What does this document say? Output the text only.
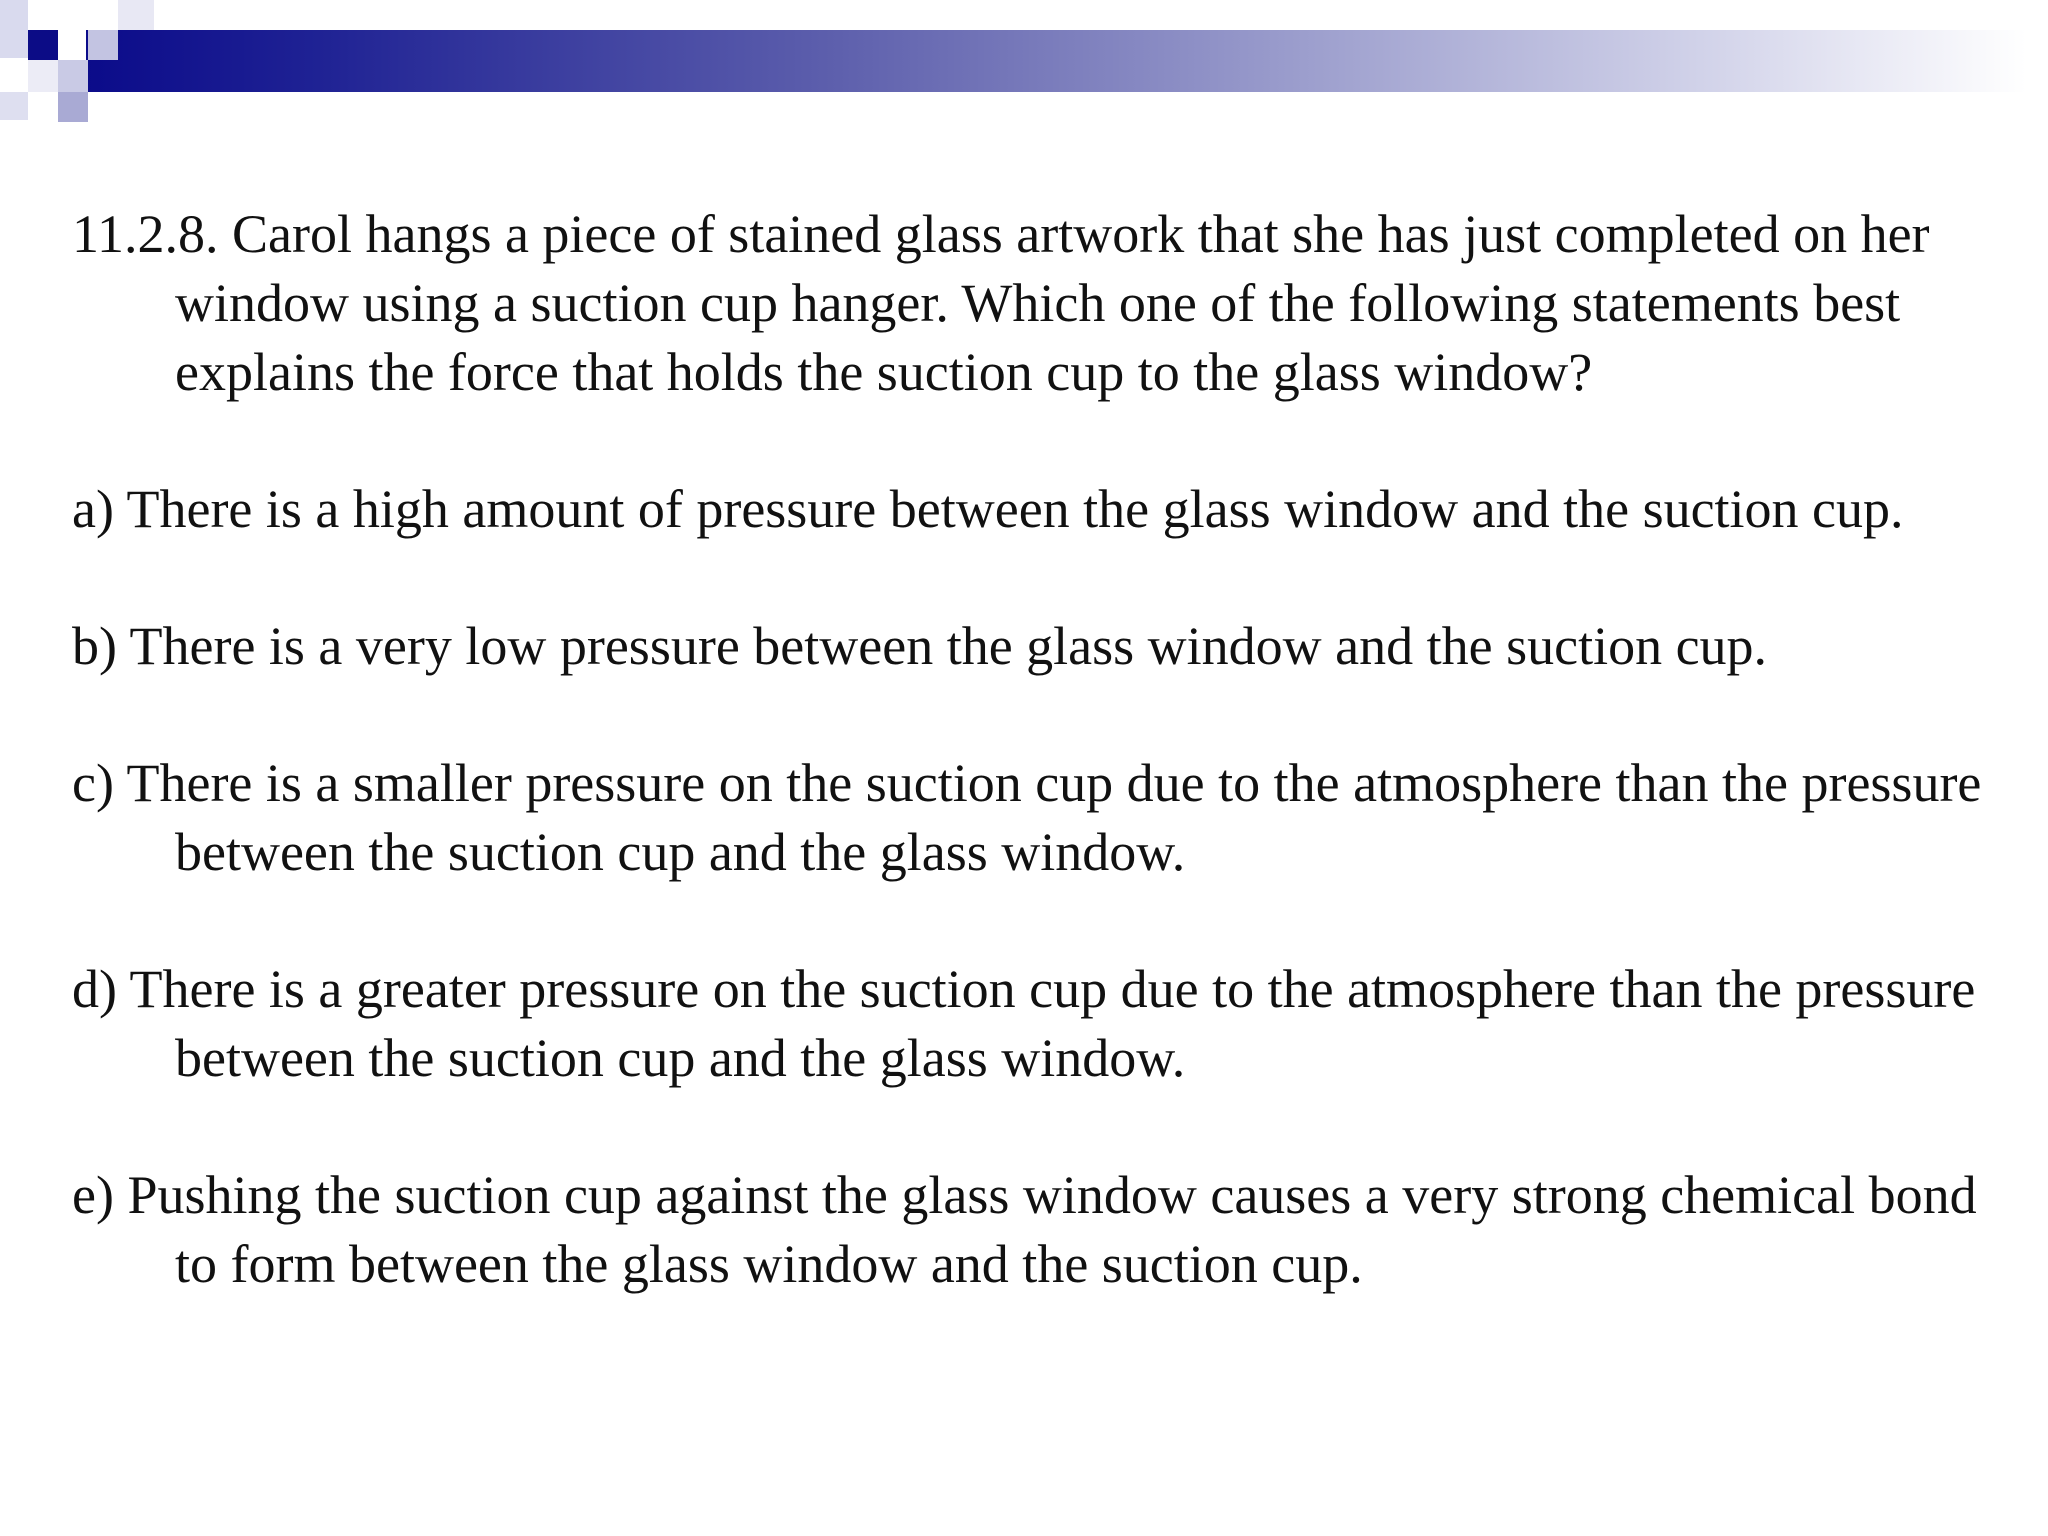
11.2.8. Carol hangs a piece of stained glass artwork that she has just completed on her window using a suction cup hanger. Which one of the following statements best explains the force that holds the suction cup to the glass window?

a) There is a high amount of pressure between the glass window and the suction cup.

b) There is a very low pressure between the glass window and the suction cup.

c) There is a smaller pressure on the suction cup due to the atmosphere than the pressure between the suction cup and the glass window.

d) There is a greater pressure on the suction cup due to the atmosphere than the pressure between the suction cup and the glass window.

e) Pushing the suction cup against the glass window causes a very strong chemical bond to form between the glass window and the suction cup.
